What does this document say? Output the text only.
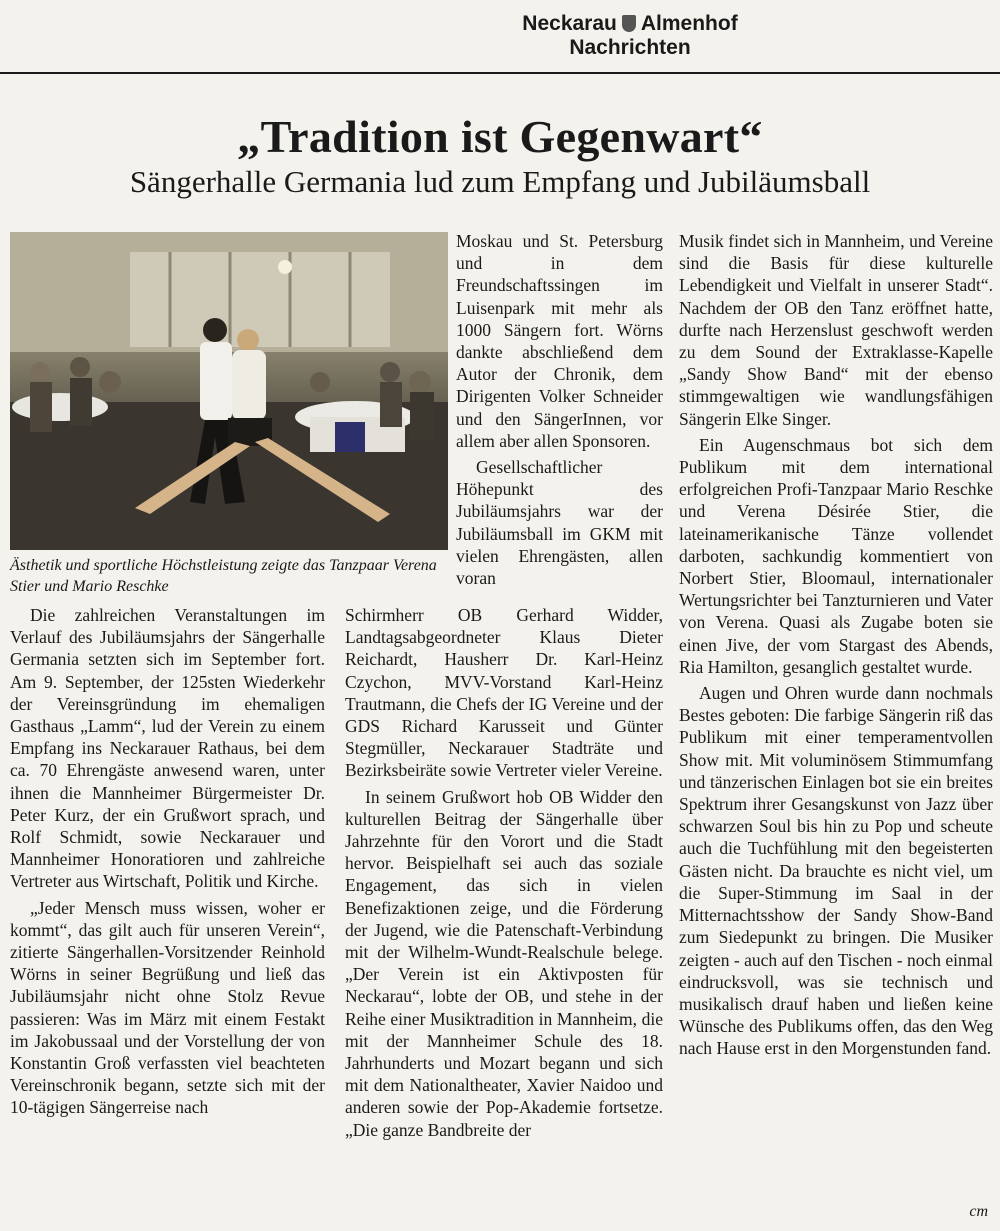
Neckarau Almenhof
Nachrichten
„Tradition ist Gegenwart“
Sängerhalle Germania lud zum Empfang und Jubiläumsball
Ästhetik und sportliche Höchstleistung zeigte das Tanzpaar Verena Stier und Mario Reschke

Die zahlreichen Veranstaltungen im Verlauf des Jubiläumsjahrs der Sängerhalle Germania setzten sich im September fort. Am 9. September, der 125sten Wiederkehr der Vereinsgründung im ehemaligen Gasthaus „Lamm“, lud der Verein zu einem Empfang ins Neckarauer Rathaus, bei dem ca. 70 Ehrengäste anwesend waren, unter ihnen die Mannheimer Bürgermeister Dr. Peter Kurz, der ein Grußwort sprach, und Rolf Schmidt, sowie Neckarauer und Mannheimer Honoratioren und zahlreiche Vertreter aus Wirtschaft, Politik und Kirche.

„Jeder Mensch muss wissen, woher er kommt“, das gilt auch für unseren Verein“, zitierte Sängerhallen-Vorsitzender Reinhold Wörns in seiner Begrüßung und ließ das Jubiläumsjahr nicht ohne Stolz Revue passieren: Was im März mit einem Festakt im Jakobussaal und der Vorstellung der von Konstantin Groß verfassten viel beachteten Vereinschronik begann, setzte sich mit der 10-tägigen Sängerreise nach

Moskau und St. Petersburg und in dem Freundschaftssingen im Luisenpark mit mehr als 1000 Sängern fort. Wörns dankte abschließend dem Autor der Chronik, dem Dirigenten Volker Schneider und den SängerInnen, vor allem aber allen Sponsoren.

Gesellschaftlicher Höhepunkt des Jubiläumsjahrs war der Jubiläumsball im GKM mit vielen Ehrengästen, allen voran

Schirmherr OB Gerhard Widder, Landtagsabgeordneter Klaus Dieter Reichardt, Hausherr Dr. Karl-Heinz Czychon, MVV-Vorstand Karl-Heinz Trautmann, die Chefs der IG Vereine und der GDS Richard Karusseit und Günter Stegmüller, Neckarauer Stadträte und Bezirksbeiräte sowie Vertreter vieler Vereine.

In seinem Grußwort hob OB Widder den kulturellen Beitrag der Sängerhalle über Jahrzehnte für den Vorort und die Stadt hervor. Beispielhaft sei auch das soziale Engagement, das sich in vielen Benefizaktionen zeige, und die Förderung der Jugend, wie die Patenschaft-Verbindung mit der Wilhelm-Wundt-Realschule belege. „Der Verein ist ein Aktivposten für Neckarau“, lobte der OB, und stehe in der Reihe einer Musiktradition in Mannheim, die mit der Mannheimer Schule des 18. Jahrhunderts und Mozart begann und sich mit dem Nationaltheater, Xavier Naidoo und anderen sowie der Pop-Akademie fortsetze. „Die ganze Bandbreite der

Musik findet sich in Mannheim, und Vereine sind die Basis für diese kulturelle Lebendigkeit und Vielfalt in unserer Stadt“. Nachdem der OB den Tanz eröffnet hatte, durfte nach Herzenslust geschwoft werden zu dem Sound der Extraklasse-Kapelle „Sandy Show Band“ mit der ebenso stimmgewaltigen wie wandlungsfähigen Sängerin Elke Singer.

Ein Augenschmaus bot sich dem Publikum mit dem international erfolgreichen Profi-Tanzpaar Mario Reschke und Verena Désirée Stier, die lateinamerikanische Tänze vollendet darboten, sachkundig kommentiert von Norbert Stier, Bloomaul, internationaler Wertungsrichter bei Tanzturnieren und Vater von Verena. Quasi als Zugabe boten sie einen Jive, der vom Stargast des Abends, Ria Hamilton, gesanglich gestaltet wurde.

Augen und Ohren wurde dann nochmals Bestes geboten: Die farbige Sängerin riß das Publikum mit einer temperamentvollen Show mit. Mit voluminösem Stimmumfang und tänzerischen Einlagen bot sie ein breites Spektrum ihrer Gesangskunst von Jazz über schwarzen Soul bis hin zu Pop und scheute auch die Tuchfühlung mit den begeisterten Gästen nicht. Da brauchte es nicht viel, um die Super-Stimmung im Saal in der Mitternachtsshow der Sandy Show-Band zum Siedepunkt zu bringen. Die Musiker zeigten - auch auf den Tischen - noch einmal eindrucksvoll, was sie technisch und musikalisch drauf haben und ließen keine Wünsche des Publikums offen, das den Weg nach Hause erst in den Morgenstunden fand.

cm
